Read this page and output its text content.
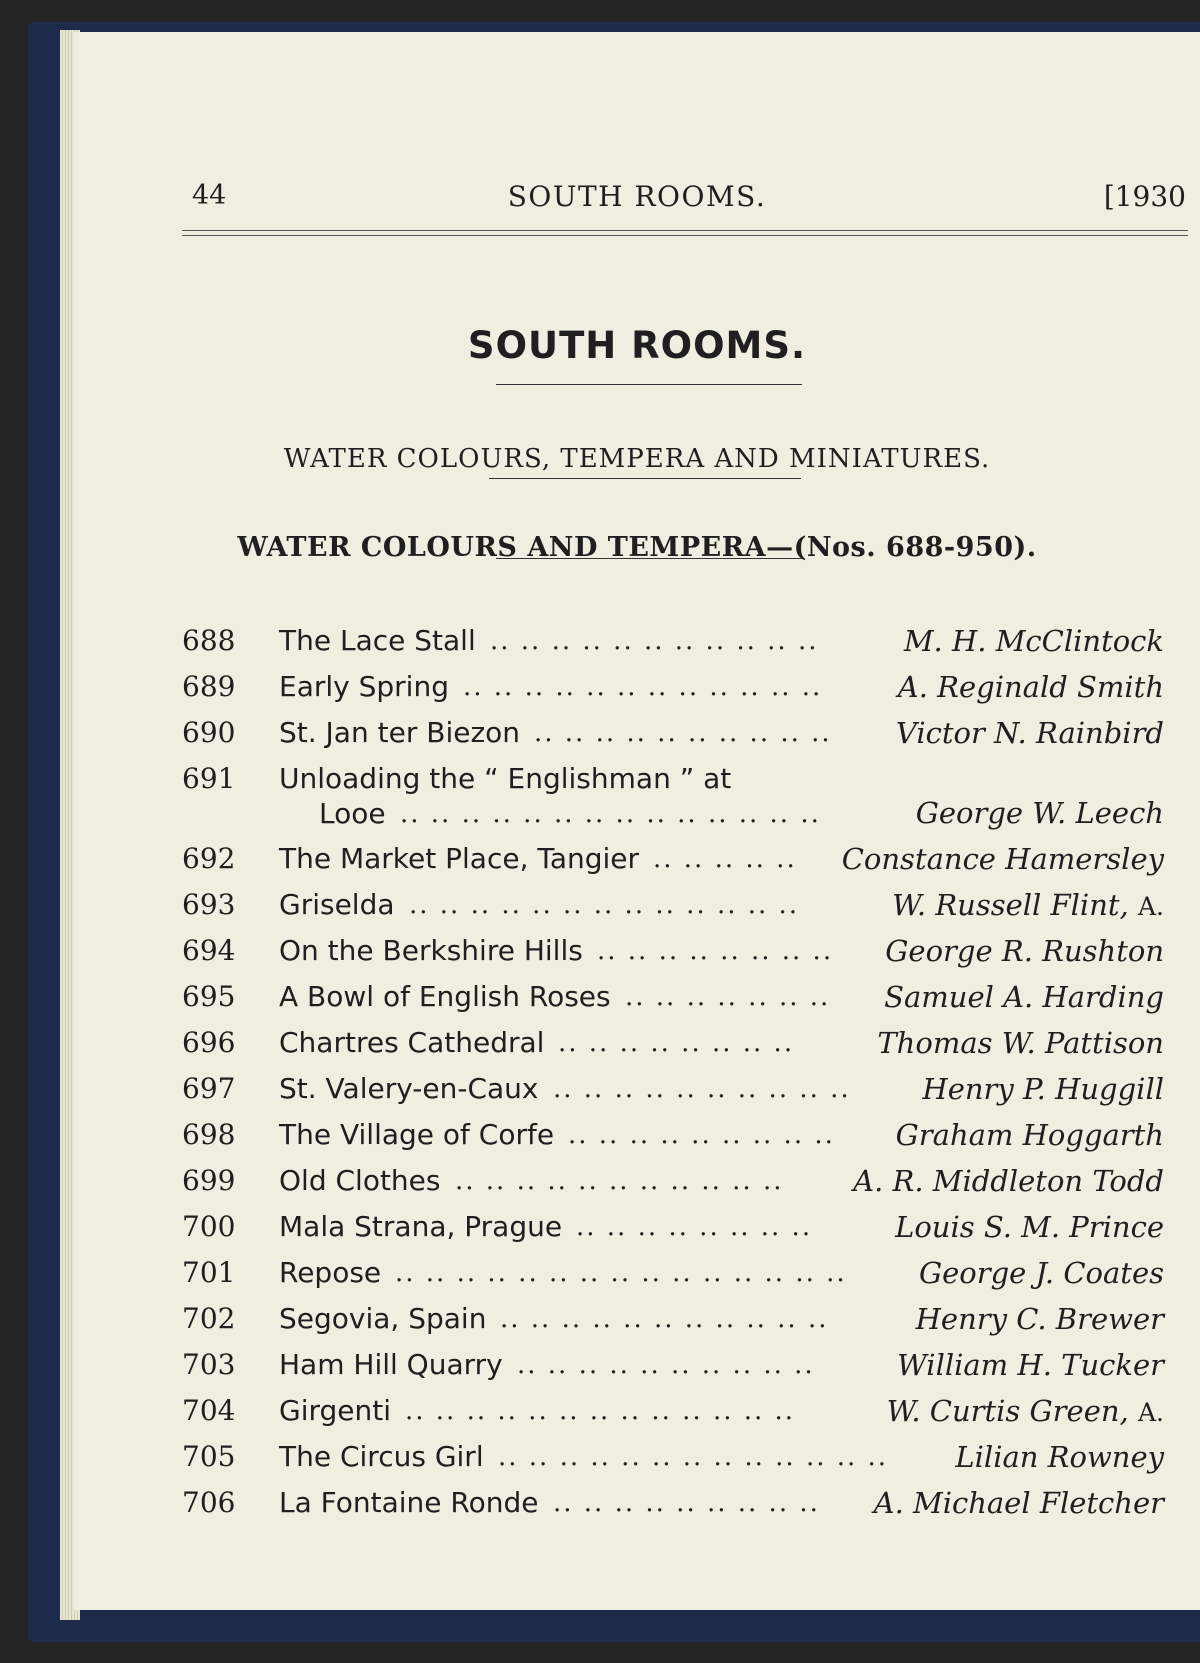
44	SOUTH ROOMS.	[1930
SOUTH ROOMS.
WATER COLOURS, TEMPERA AND MINIATURES.
WATER COLOURS AND TEMPERA—(Nos. 688-950).
688 The Lace Stall	M. H. McClintock
.. .. .. .. .. .. .. .. .. .. ..
689 Early Spring	A. Reginald Smith
.. .. .. .. .. .. .. .. .. .. .. ..
690 St. Jan ter Biezon	Victor N. Rainbird
.. .. .. .. .. .. .. .. .. ..
691 Unloading the “ Englishman ” at
Looe	George W. Leech
.. .. .. .. .. .. .. .. .. .. .. .. .. ..
692 The Market Place, Tangier	Constance Hamersley
.. .. .. .. ..
693 Griselda	W. Russell Flint, A.
.. .. .. .. .. .. .. .. .. .. .. .. ..
694 On the Berkshire Hills	George R. Rushton
.. .. .. .. .. .. .. ..
695 A Bowl of English Roses	Samuel A. Harding
.. .. .. .. .. .. ..
696 Chartres Cathedral	Thomas W. Pattison
.. .. .. .. .. .. .. ..
697 St. Valery-en-Caux	Henry P. Huggill
.. .. .. .. .. .. .. .. .. ..
698 The Village of Corfe	Graham Hoggarth
.. .. .. .. .. .. .. .. ..
699 Old Clothes	A. R. Middleton Todd
.. .. .. .. .. .. .. .. .. .. ..
700 Mala Strana, Prague	Louis S. M. Prince
.. .. .. .. .. .. .. ..
701 Repose	George J. Coates
.. .. .. .. .. .. .. .. .. .. .. .. .. .. ..
702 Segovia, Spain	Henry C. Brewer
.. .. .. .. .. .. .. .. .. .. ..
703 Ham Hill Quarry	William H. Tucker
.. .. .. .. .. .. .. .. .. ..
704 Girgenti	W. Curtis Green, A.
.. .. .. .. .. .. .. .. .. .. .. .. ..
705 The Circus Girl	Lilian Rowney
.. .. .. .. .. .. .. .. .. .. .. .. ..
706 La Fontaine Ronde	A. Michael Fletcher
.. .. .. .. .. .. .. .. ..
